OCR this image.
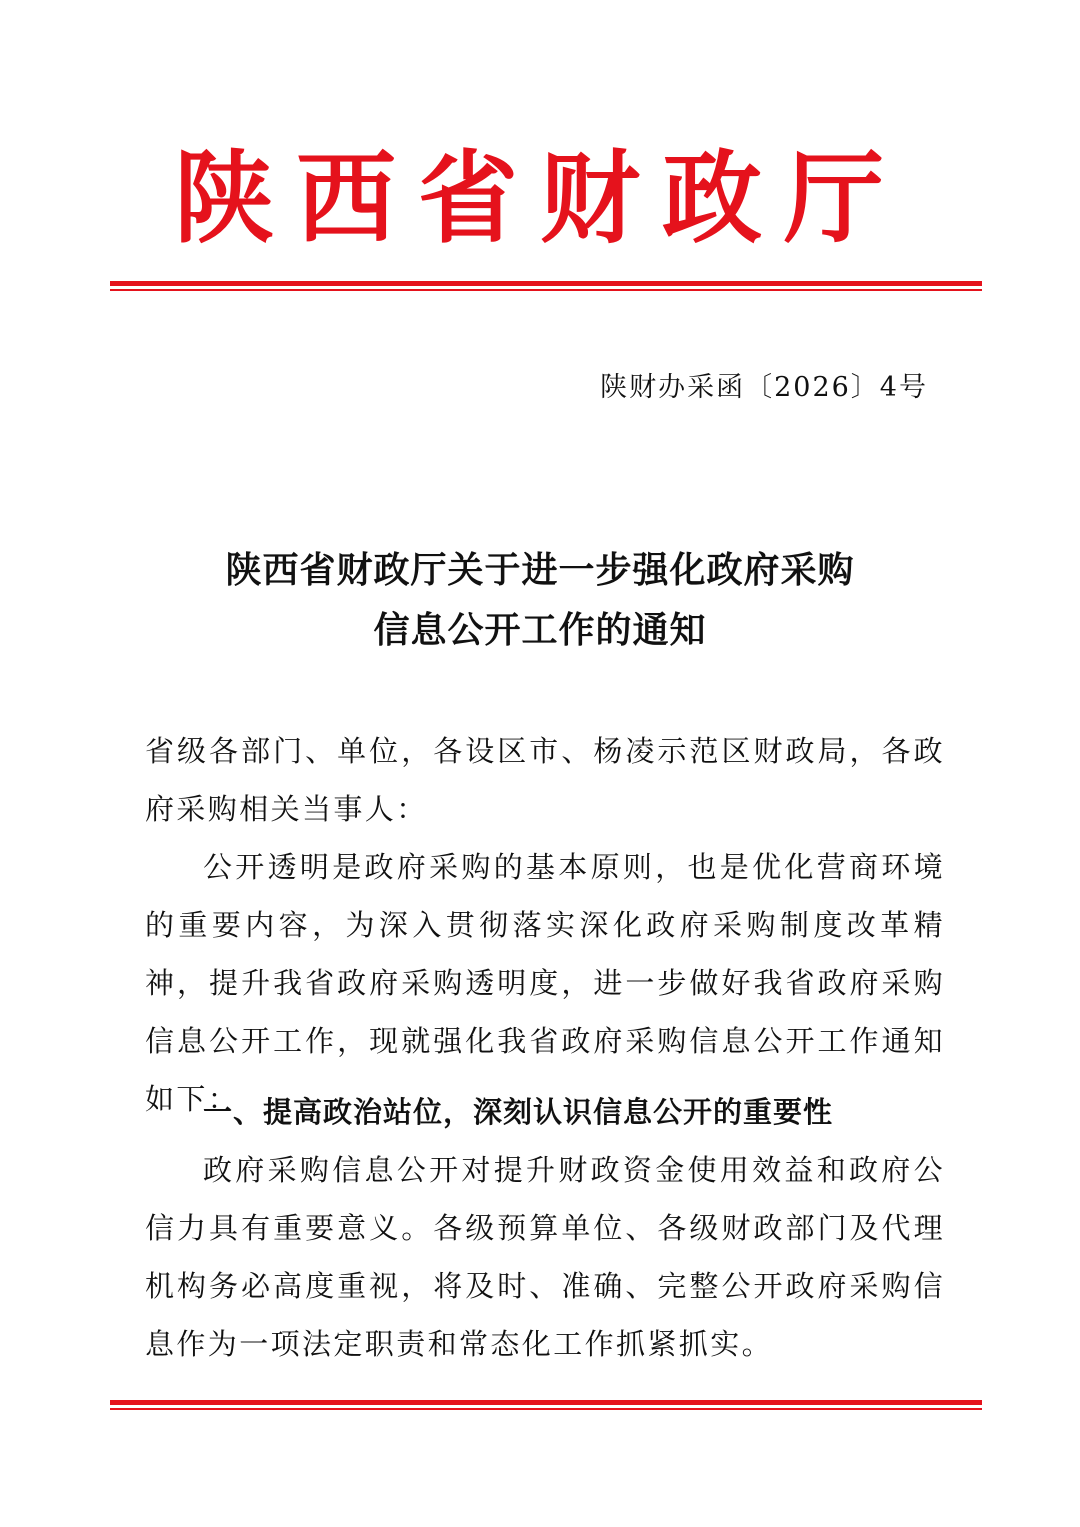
陕西省财政厅
陕财办采函〔2026〕4号
陕西省财政厅关于进一步强化政府采购
信息公开工作的通知
省级各部门、单位，各设区市、杨凌示范区财政局，各政府采购相关当事人：
公开透明是政府采购的基本原则，也是优化营商环境的重要内容，为深入贯彻落实深化政府采购制度改革精神，提升我省政府采购透明度，进一步做好我省政府采购信息公开工作，现就强化我省政府采购信息公开工作通知如下：
一、提高政治站位，深刻认识信息公开的重要性
政府采购信息公开对提升财政资金使用效益和政府公信力具有重要意义。各级预算单位、各级财政部门及代理机构务必高度重视，将及时、准确、完整公开政府采购信息作为一项法定职责和常态化工作抓紧抓实。
